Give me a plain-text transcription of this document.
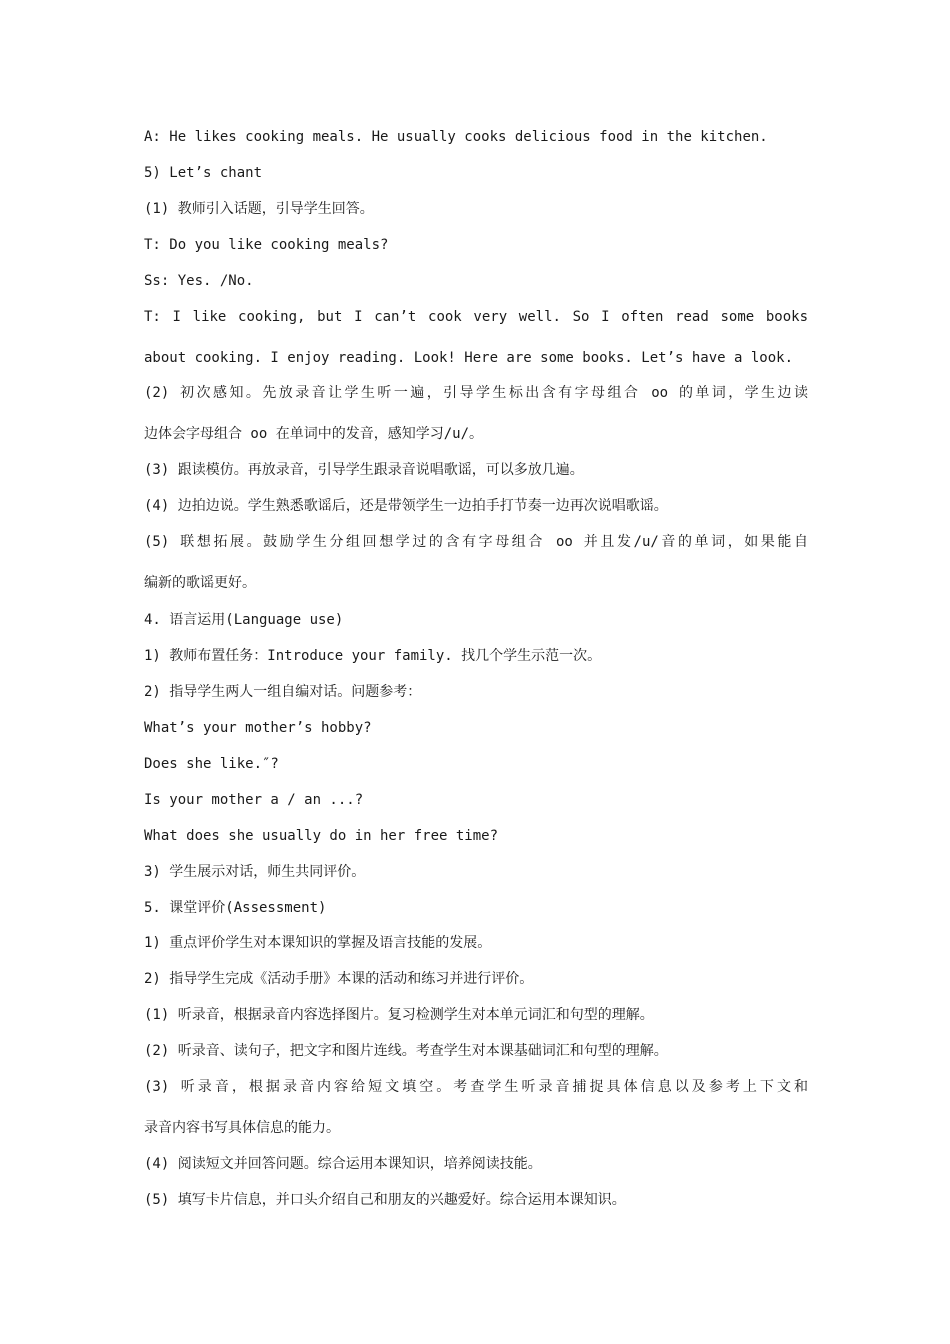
A: He likes cooking meals. He usually cooks delicious food in the kitchen.
5) Let’s chant
(1) 教师引入话题，引导学生回答。
T: Do you like cooking meals?
Ss: Yes. /No.
T: I like cooking, but I can’t cook very well. So I often read some books
about cooking. I enjoy reading. Look! Here are some books. Let’s have a look.
(2) 初次感知。先放录音让学生听一遍，引导学生标出含有字母组合 oo 的单词，学生边读
边体会字母组合 oo 在单词中的发音，感知学习/u/。
(3) 跟读模仿。再放录音，引导学生跟录音说唱歌谣，可以多放几遍。
(4) 边拍边说。学生熟悉歌谣后，还是带领学生一边拍手打节奏一边再次说唱歌谣。
(5) 联想拓展。鼓励学生分组回想学过的含有字母组合 oo 并且发/u/音的单词，如果能自
编新的歌谣更好。
4. 语言运用(Language use)
1) 教师布置任务：Introduce your family. 找几个学生示范一次。
2) 指导学生两人一组自编对话。问题参考：
What’s your mother’s hobby?
Does she like.″?
Is your mother a / an ...?
What does she usually do in her free time?
3) 学生展示对话，师生共同评价。
5. 课堂评价(Assessment)
1) 重点评价学生对本课知识的掌握及语言技能的发展。
2) 指导学生完成《活动手册》本课的活动和练习并进行评价。
(1) 听录音，根据录音内容选择图片。复习检测学生对本单元词汇和句型的理解。
(2) 听录音、读句子，把文字和图片连线。考查学生对本课基础词汇和句型的理解。
(3) 听录音，根据录音内容给短文填空。考查学生听录音捕捉具体信息以及参考上下文和
录音内容书写具体信息的能力。
(4) 阅读短文并回答问题。综合运用本课知识，培养阅读技能。
(5) 填写卡片信息，并口头介绍自己和朋友的兴趣爱好。综合运用本课知识。
